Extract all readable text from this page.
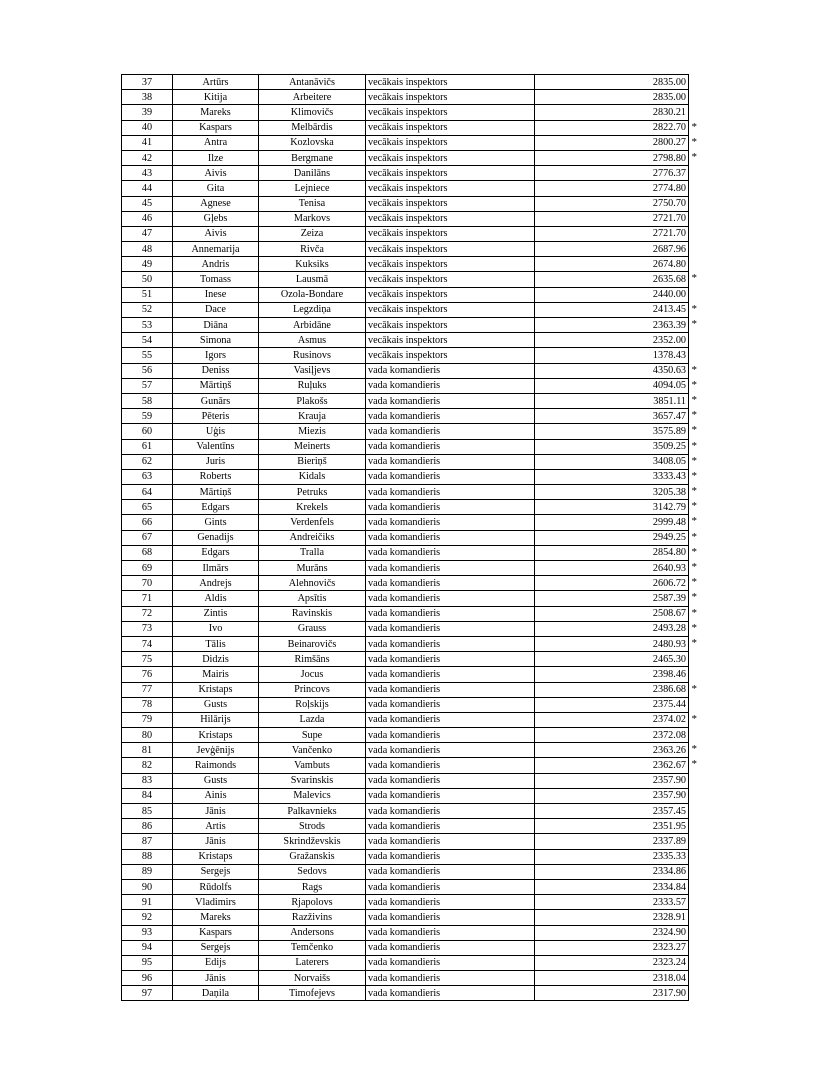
37	Artūrs	Antanāvičs	vecākais inspektors	2835.00

38	Kitija	Arbeitere	vecākais inspektors	2835.00

39	Mareks	Klimovičs	vecākais inspektors	2830.21

40	Kaspars	Melbārdis	vecākais inspektors	2822.70 *

41	Antra	Kozlovska	vecākais inspektors	2800.27 *

42	Ilze	Bergmane	vecākais inspektors	2798.80 *

43	Aivis	Danilāns	vecākais inspektors	2776.37

44	Gita	Lejniece	vecākais inspektors	2774.80

45	Agnese	Tenisa	vecākais inspektors	2750.70

46	Gļebs	Markovs	vecākais inspektors	2721.70

47	Aivis	Zeiza	vecākais inspektors	2721.70

48	Annemarija	Rivča	vecākais inspektors	2687.96

49	Andris	Kuksiks	vecākais inspektors	2674.80

50	Tomass	Lausmā	vecākais inspektors	2635.68 *

51	Inese	Ozola-Bondare	vecākais inspektors	2440.00

52	Dace	Legzdiņa	vecākais inspektors	2413.45 *

53	Diāna	Arbidāne	vecākais inspektors	2363.39 *

54	Simona	Asmus	vecākais inspektors	2352.00

55	Igors	Rusinovs	vecākais inspektors	1378.43

56	Deniss	Vasiļjevs	vada komandieris	4350.63 *

57	Mārtiņš	Ruļuks	vada komandieris	4094.05 *

58	Gunārs	Plakošs	vada komandieris	3851.11 *

59	Pēteris	Krauja	vada komandieris	3657.47 *

60	Uģis	Miezis	vada komandieris	3575.89 *

61	Valentīns	Meinerts	vada komandieris	3509.25 *

62	Juris	Bieriņš	vada komandieris	3408.05 *

63	Roberts	Kidals	vada komandieris	3333.43 *

64	Mārtiņš	Petruks	vada komandieris	3205.38 *

65	Edgars	Krekels	vada komandieris	3142.79 *

66	Gints	Verdenfels	vada komandieris	2999.48 *

67	Genadijs	Andreičiks	vada komandieris	2949.25 *

68	Edgars	Tralla	vada komandieris	2854.80 *

69	Ilmārs	Murāns	vada komandieris	2640.93 *

70	Andrejs	Alehnovičs	vada komandieris	2606.72 *

71	Aldis	Apsītis	vada komandieris	2587.39 *

72	Zintis	Ravinskis	vada komandieris	2508.67 *

73	Ivo	Grauss	vada komandieris	2493.28 *

74	Tālis	Beinarovičs	vada komandieris	2480.93 *

75	Didzis	Rimšāns	vada komandieris	2465.30

76	Mairis	Jocus	vada komandieris	2398.46

77	Kristaps	Princovs	vada komandieris	2386.68 *

78	Gusts	Roļskijs	vada komandieris	2375.44

79	Hilārijs	Lazda	vada komandieris	2374.02 *

80	Kristaps	Supe	vada komandieris	2372.08

81	Jevģēnijs	Vančenko	vada komandieris	2363.26 *

82	Raimonds	Vambuts	vada komandieris	2362.67 *

83	Gusts	Svarinskis	vada komandieris	2357.90

84	Ainis	Malevics	vada komandieris	2357.90

85	Jānis	Palkavnieks	vada komandieris	2357.45

86	Artis	Strods	vada komandieris	2351.95

87	Jānis	Skrindževskis	vada komandieris	2337.89

88	Kristaps	Gražanskis	vada komandieris	2335.33

89	Sergejs	Sedovs	vada komandieris	2334.86

90	Rūdolfs	Rags	vada komandieris	2334.84

91	Vladimirs	Rjapolovs	vada komandieris	2333.57

92	Mareks	Razživins	vada komandieris	2328.91

93	Kaspars	Andersons	vada komandieris	2324.90

94	Sergejs	Temčenko	vada komandieris	2323.27

95	Edijs	Laterers	vada komandieris	2323.24

96	Jānis	Norvaišs	vada komandieris	2318.04

97	Daņila	Timofejevs	vada komandieris	2317.90
